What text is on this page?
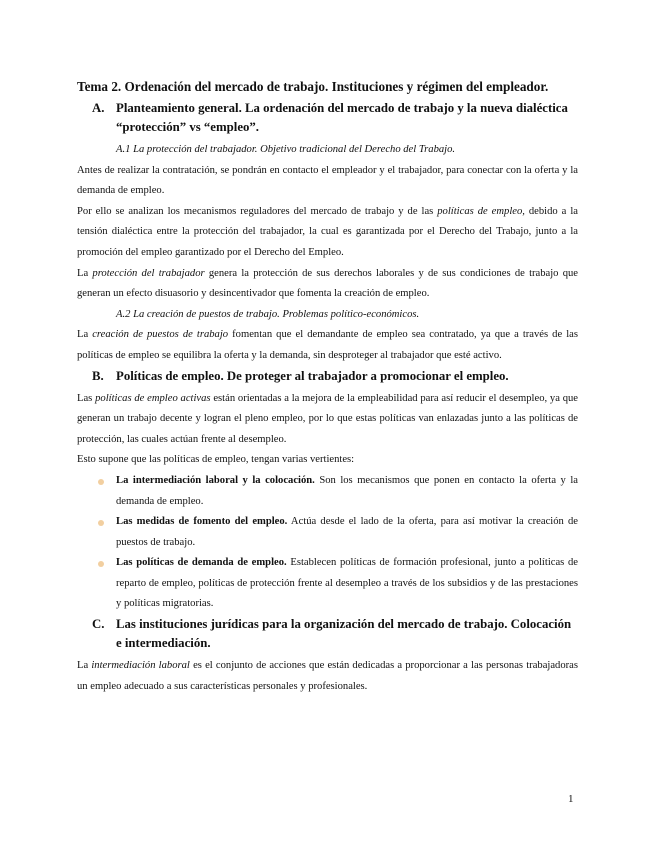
Tema 2. Ordenación del mercado de trabajo. Instituciones y régimen del empleador.
A. Planteamiento general. La ordenación del mercado de trabajo y la nueva dialéctica “protección” vs “empleo”.
A.1 La protección del trabajador. Objetivo tradicional del Derecho del Trabajo.

Antes de realizar la contratación, se pondrán en contacto el empleador y el trabajador, para conectar con la oferta y la demanda de empleo.

Por ello se analizan los mecanismos reguladores del mercado de trabajo y de las políticas de empleo, debido a la tensión dialéctica entre la protección del trabajador, la cual es garantizada por el Derecho del Trabajo, junto a la promoción del empleo garantizado por el Derecho del Empleo.

La protección del trabajador genera la protección de sus derechos laborales y de sus condiciones de trabajo que generan un efecto disuasorio y desincentivador que fomenta la creación de empleo.

A.2 La creación de puestos de trabajo. Problemas político-económicos.

La creación de puestos de trabajo fomentan que el demandante de empleo sea contratado, ya que a través de las políticas de empleo se equilibra la oferta y la demanda, sin desproteger al trabajador que esté activo.

B. Políticas de empleo. De proteger al trabajador a promocionar el empleo.

Las políticas de empleo activas están orientadas a la mejora de la empleabilidad para así reducir el desempleo, ya que generan un trabajo decente y logran el pleno empleo, por lo que estas políticas van enlazadas junto a las políticas de protección, las cuales actúan frente al desempleo.

Esto supone que las políticas de empleo, tengan varias vertientes:

La intermediación laboral y la colocación. Son los mecanismos que ponen en contacto la oferta y la demanda de empleo.
Las medidas de fomento del empleo. Actúa desde el lado de la oferta, para así motivar la creación de puestos de trabajo.
Las políticas de demanda de empleo. Establecen políticas de formación profesional, junto a políticas de reparto de empleo, políticas de protección frente al desempleo a través de los subsidios y de las prestaciones y políticas migratorias.
C. Las instituciones jurídicas para la organización del mercado de trabajo. Colocación e intermediación.

La intermediación laboral es el conjunto de acciones que están dedicadas a proporcionar a las personas trabajadoras un empleo adecuado a sus características personales y profesionales.

1
